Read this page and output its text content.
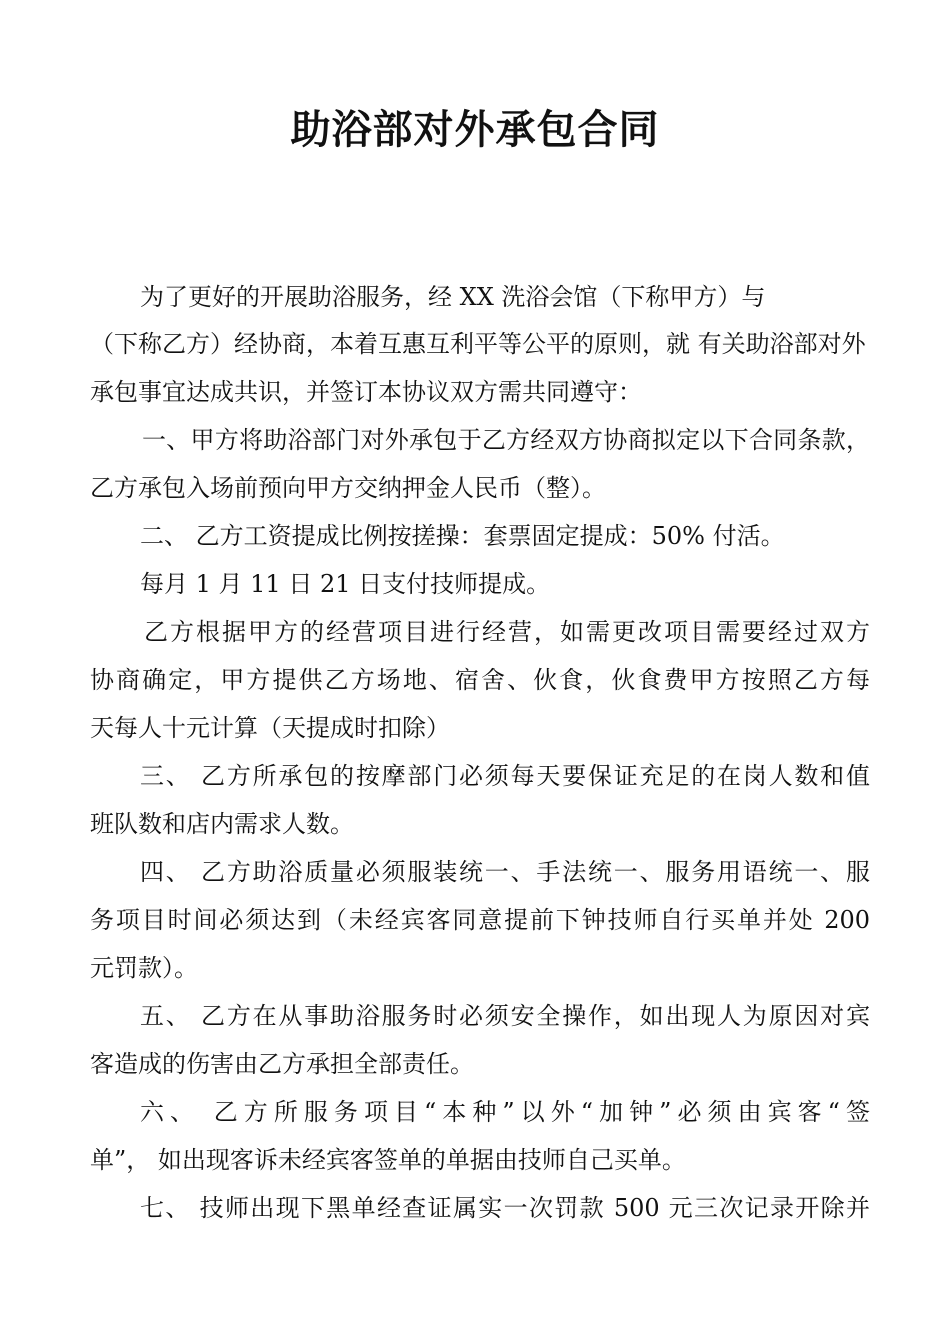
助浴部对外承包合同

为了更好的开展助浴服务，经 XX 洗浴会馆（下称甲方）与

（下称乙方）经协商，本着互惠互利平等公平的原则，就 有关助浴部对外

承包事宜达成共识，并签订本协议双方需共同遵守：

一、甲方将助浴部门对外承包于乙方经双方协商拟定以下合同条款，

乙方承包入场前预向甲方交纳押金人民币（整）。

二、 乙方工资提成比例按搓操：套票固定提成：50% 付活。

每月 1 月 11 日 21 日支付技师提成。

乙方根据甲方的经营项目进行经营，如需更改项目需要经过双方

协商确定，甲方提供乙方场地、宿舍、伙食，伙食费甲方按照乙方每

天每人十元计算（天提成时扣除）

三、 乙方所承包的按摩部门必须每天要保证充足的在岗人数和值

班队数和店内需求人数。

四、 乙方助浴质量必须服装统一、手法统一、服务用语统一、服

务项目时间必须达到（未经宾客同意提前下钟技师自行买单并处 200

元罚款）。

五、 乙方在从事助浴服务时必须安全操作，如出现人为原因对宾

客造成的伤害由乙方承担全部责任。

六、 乙方所服务项目“本种”以外“加钟”必须由宾客“签

单”， 如出现客诉未经宾客签单的单据由技师自己买单。

七、 技师出现下黑单经查证属实一次罚款 500 元三次记录开除并
